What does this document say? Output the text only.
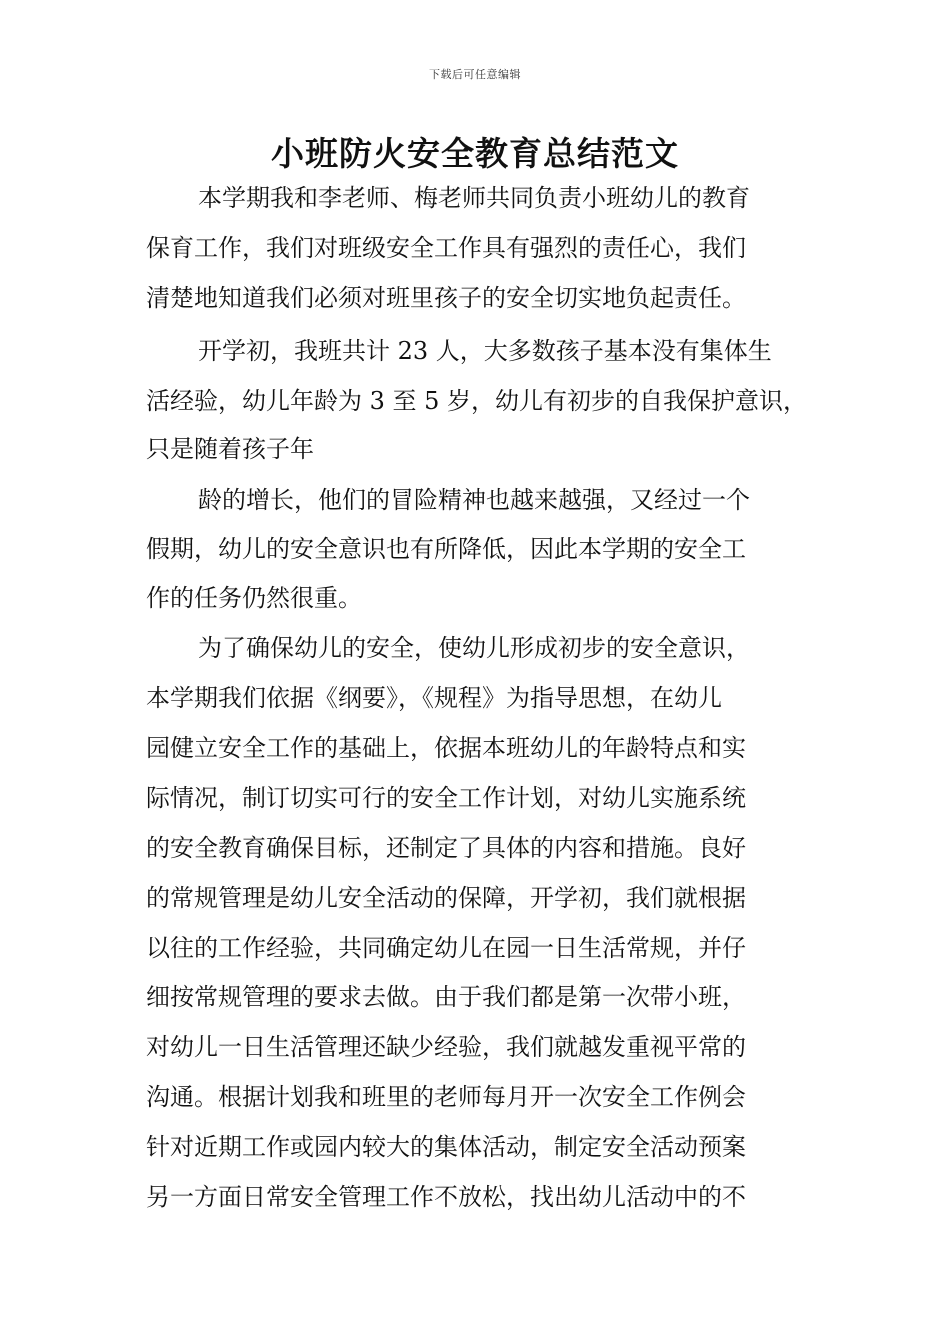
下载后可任意编辑
小班防火安全教育总结范文
本学期我和李老师、梅老师共同负责小班幼儿的教育
保育工作，我们对班级安全工作具有强烈的责任心，我们
清楚地知道我们必须对班里孩子的安全切实地负起责任。
开学初，我班共计 23 人，大多数孩子基本没有集体生
活经验，幼儿年龄为 3 至 5 岁，幼儿有初步的自我保护意识，
只是随着孩子年
龄的增长，他们的冒险精神也越来越强，又经过一个
假期，幼儿的安全意识也有所降低，因此本学期的安全工
作的任务仍然很重。
为了确保幼儿的安全，使幼儿形成初步的安全意识，
本学期我们依据《纲要》，《规程》为指导思想，在幼儿
园健立安全工作的基础上，依据本班幼儿的年龄特点和实
际情况，制订切实可行的安全工作计划，对幼儿实施系统
的安全教育确保目标，还制定了具体的内容和措施。良好
的常规管理是幼儿安全活动的保障，开学初，我们就根据
以往的工作经验，共同确定幼儿在园一日生活常规，并仔
细按常规管理的要求去做。由于我们都是第一次带小班，
对幼儿一日生活管理还缺少经验，我们就越发重视平常的
沟通。根据计划我和班里的老师每月开一次安全工作例会
针对近期工作或园内较大的集体活动，制定安全活动预案
另一方面日常安全管理工作不放松，找出幼儿活动中的不
